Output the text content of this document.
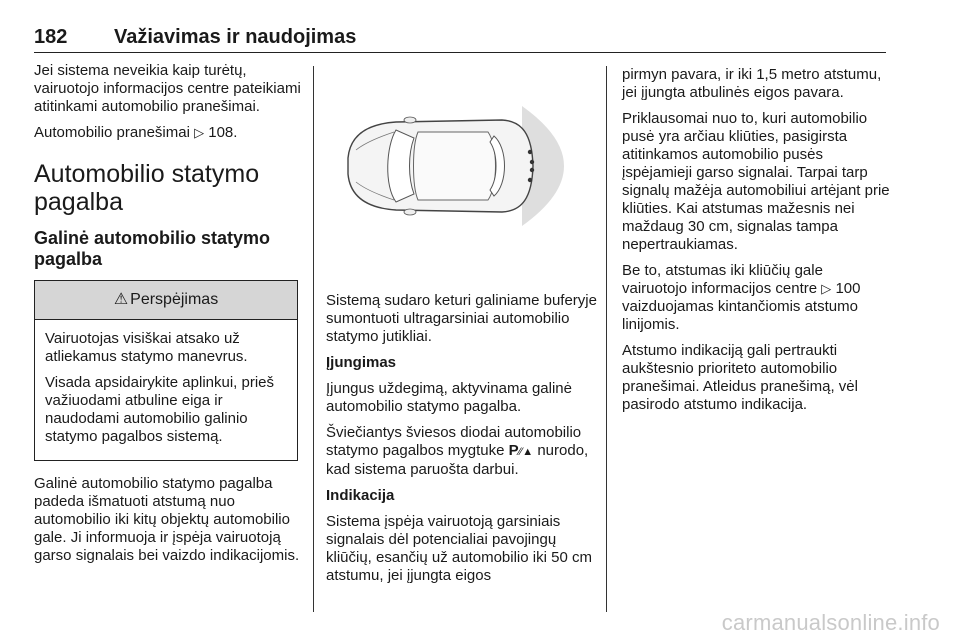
182 Važiavimas ir naudojimas

Jei sistema neveikia kaip turėtų, vairuotojo informacijos centre pateikiami atitinkami automobilio pranešimai.

Automobilio pranešimai ▷ 108.

Automobilio statymo pagalba
Galinė automobilio statymo pagalba
⚠ Perspėjimas

Vairuotojas visiškai atsako už atliekamus statymo manevrus.

Visada apsidairykite aplinkui, prieš važiuodami atbuline eiga ir naudodami automobilio galinio statymo pagalbos sistemą.

Galinė automobilio statymo pagalba padeda išmatuoti atstumą nuo automobilio iki kitų objektų automobilio gale. Ji informuoja ir įspėja vairuotoją garso signalais bei vaizdo indikacijomis.

Sistemą sudaro keturi galiniame buferyje sumontuoti ultragarsiniai automobilio statymo jutikliai.

Įjungimas

Įjungus uždegimą, aktyvinama galinė automobilio statymo pagalba.

Šviečiantys šviesos diodai automobilio statymo pagalbos mygtuke P⁄⁄▲ nurodo, kad sistema paruošta darbui.

Indikacija

Sistema įspėja vairuotoją garsiniais signalais dėl potencialiai pavojingų kliūčių, esančių už automobilio iki 50 cm atstumu, jei įjungta eigos

pirmyn pavara, ir iki 1,5 metro atstumu, jei įjungta atbulinės eigos pavara.

Priklausomai nuo to, kuri automobilio pusė yra arčiau kliūties, pasigirsta atitinkamos automobilio pusės įspėjamieji garso signalai. Tarpai tarp signalų mažėja automobiliui artėjant prie kliūties. Kai atstumas mažesnis nei maždaug 30 cm, signalas tampa nepertraukiamas.

Be to, atstumas iki kliūčių gale vairuotojo informacijos centre ▷ 100 vaizduojamas kintančiomis atstumo linijomis.

Atstumo indikaciją gali pertraukti aukštesnio prioriteto automobilio pranešimai. Atleidus pranešimą, vėl pasirodo atstumo indikacija.

carmanualsonline.info
